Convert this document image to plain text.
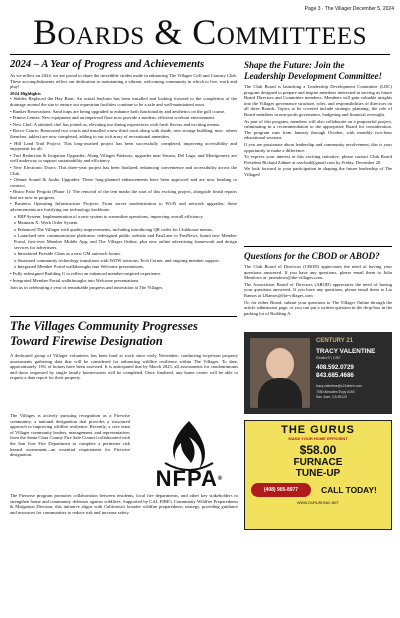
Page 3 · The Villager December 5, 2024
Boards & Committees
2024 – A Year of Progress and Achievements

As we reflect on 2024, we are proud to share the incredible strides made in enhancing The Villages Golf and Country Club. These accomplishments reflect our dedication to maintaining a vibrant, welcoming community in which to live, work and play!

2024 Highlights
• Stables Replaced the Hay Barn: An actual hayburn has been installed and looking forward to the completion of the drainage around the site to ensure our equestrian facilities continue to be a safe and well-maintained asset.
• Bunker Renovations: Sand traps are being upgraded to enhance both functionality and aesthetics on the golf course.
• Fitness Center: New equipment and an improved floor now provide a modern, efficient workout environment.
• New Chef: A talented chef has joined us, elevating our dining experiences with fresh flavors and exciting menus.
• Bocce Courts: Renovated two courts and installed a new third court along with shade, new storage building, misc. others (benches, tables) are now completed, adding to our rich array of recreational amenities.
• Hill Land Trail Project: This long-awaited project has been successfully completed, improving accessibility and enjoyment for all.
• Turf Reduction & Irrigation Upgrades: Along Villages Parkway, upgrades near Sonata, Del Lago, and Montgomery are well underway to support sustainability and efficiency.
• New Electronic Doors: This three-year project has been finalized, enhancing convenience and accessibility across the Club.
• Orbuni Sound & Audio Upgrades: These long-planned enhancements have been approved and are now heading to contract.
• Bistro Patio Pergola (Phase 1): The removal of the tent marks the start of this exciting project, alongside finish repairs that are now in progress.
• Business Operating Infrastructure Projects: From server modernization to Wi-Fi and network upgrades, these advancements are fortifying our technology backbone.
o ERP System: Implementation of a new system to streamline operations, improving overall efficiency.
o Maintain X: Work Order System
o Enhanced The Villager with quality improvements, including introducing QR codes for Clubhouse menus.
o Launched new communication platforms: redesigned public website and FastLane to FastNews, brand new Member Portal, first-ever Member Mobile App, and The Villager Online, plus new online advertising framework and design services for advertisers.
o Introduced Fireside Chats as a new GM outreach forum.
o Sustained community technology transitions with WOW sessions, Tech Corner, and ongoing member support.
o Integrated Member Portal walkthroughs into Welcome presentations.
• Fully redesigned Building G to reflect an enhanced member-inspired experience.
• Integrated Member Portal walkthroughs into Welcome presentations.

Join us in celebrating a year of remarkable progress and innovation at The Villages.

The Villages Community Progresses
Toward Firewise Designation
A dedicated group of Villager volunteers has been hard at work since early November, conducting in-person property assessments gathering data that will be considered for enhancing wildfire resilience within The Villages. To date, approximately 13% of homes have been assessed. It is anticipated that by March 2025, all assessments for condominiums and those requested by single family homeowners will be completed. Once finalized, any home owner will be able to request a data report for their property.
The Villages is actively pursuing recognition as a Firewise community, a national designation that provides a structured approach to improving wildfire resilience. Recently, a core team of Villager community leaders, management, and representatives from the Santa Clara County Fire Safe Council collaborated with the San Jose Fire Department to complete a perimeter risk hazard assessment—an essential requirement for Firewise designation.
NFPA®
The Firewise program promotes collaboration between residents, local fire departments, and other key stakeholders to strengthen home and community defenses against wildfires. Supported by CAL FIRE's Community Wildfire Preparedness & Mitigation Division, this initiative aligns with California's broader wildfire preparedness strategy, providing guidance and resources for communities to reduce risk and increase safety.
Shape the Future: Join the
Leadership Development Committee!

The Club Board is launching a Leadership Development Committee (LDC) program designed to prepare and inspire members interested in serving as future Board Directors and Committee members. Members will gain valuable insights into the Villages governance structure, roles, and responsibilities of directors on all three Boards. Topics to be covered include strategic planning, the role of Board members in non-profit governance, budgeting and financial oversight.

As part of this program, members will also collaborate on a purposeful project, culminating in a recommendation to the appropriate Board for consideration. The program runs from January through October, with monthly two-hour educational sessions.

If you are passionate about leadership and community involvement, this is your opportunity to make a difference.

To express your interest in this exciting initiative, please contact Club Board President Richard Zahner at rzzcbod@gmail.com by Friday, December 20.

We look forward to your participation in shaping the future leadership of The Villages!

Questions for the CBOD or ABOD?

The Club Board of Directors (CBOD) appreciates the need of having your questions answered. If you have any questions, please email them to Julia Meadows at: jmeadows@the-villages.com.

The Association Board of Directors (ABOD) appreciates the need of having your questions answered. If you have any questions, please email them to Liz Ramos at LRamos@the-villages.com

Or, for either Board, submit your questions to The Villager Online through the article submission page, or you can put a written question in the drop-box in the parking lot of Building A.

CENTURY 21
TRACY VALENTINE
Realtor® | DRE
408.592.0729
843.685.4686
tracy.valentine@c21abien.com
7050 Almaden Expy #150
San Jose, CA 95120
THE GURUS
MAKE YOUR HOME EFFICIENT
$58.00
FURNACE
TUNE-UP
(408) 905-8977	CALL TODAY!
WWW.GURUSHVAC.NET
